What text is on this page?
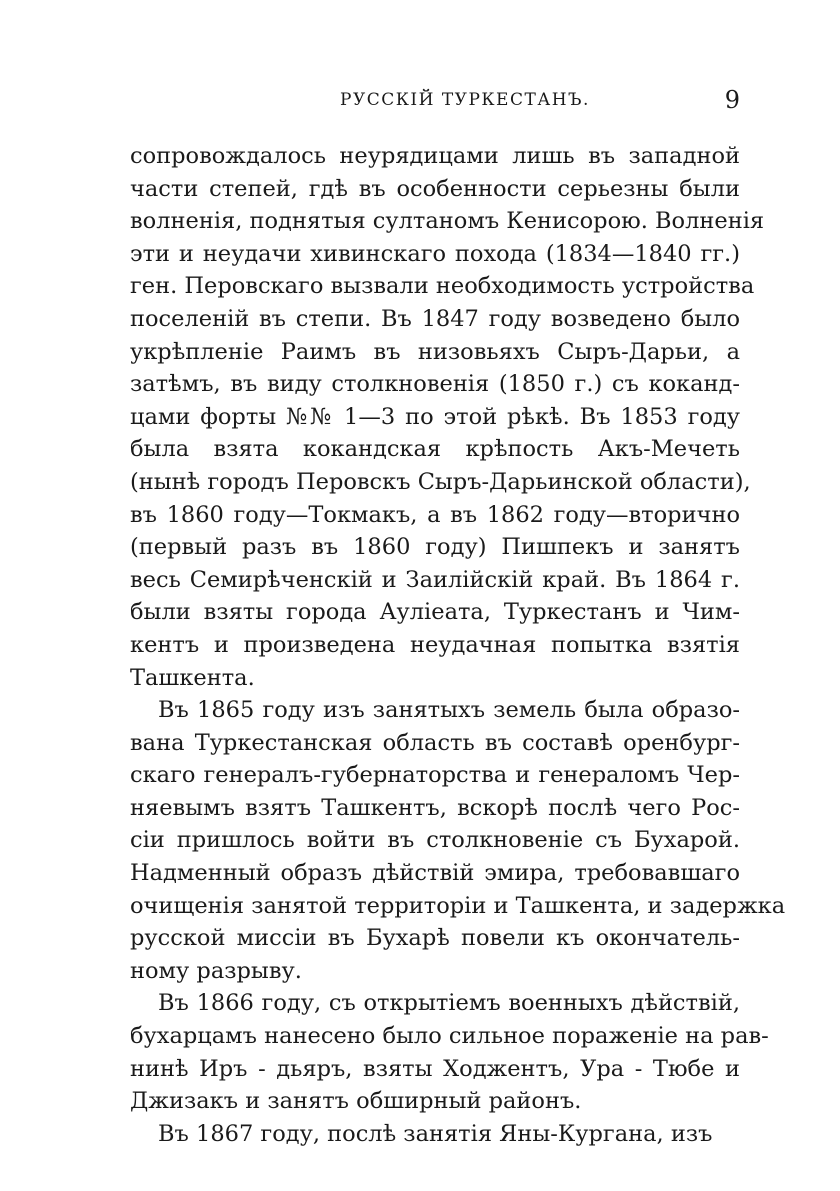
РУССКІЙ ТУРКЕСТАНЪ.	9
сопровождалось неурядицами лишь въ западной
части степей, гдѣ въ особенности серьезны были
волненія, поднятыя султаномъ Кенисорою. Волненія
эти и неудачи хивинскаго похода (1834—1840 гг.)
ген. Перовскаго вызвали необходимость устройства
поселеній въ степи. Въ 1847 году возведено было
укрѣпленіе Раимъ въ низовьяхъ Сыръ-Дарьи, а
затѣмъ, въ виду столкновенія (1850 г.) съ коканд-
цами форты №№ 1—3 по этой рѣкѣ. Въ 1853 году
была взята кокандская крѣпость Акъ-Мечеть
(нынѣ городъ Перовскъ Сыръ-Дарьинской области),
въ 1860 году—Токмакъ, а въ 1862 году—вторично
(первый разъ въ 1860 году) Пишпекъ и занятъ
весь Семирѣченскій и Заилійскій край. Въ 1864 г.
были взяты города Аулieата, Туркестанъ и Чим-
кентъ и произведена неудачная попытка взятія
Ташкента.
Въ 1865 году изъ занятыхъ земель была образо-
вана Туркестанская область въ составѣ оренбург-
скаго генералъ-губернаторства и генераломъ Чер-
няевымъ взятъ Ташкентъ, вскорѣ послѣ чего Рос-
сіи пришлось войти въ столкновеніе съ Бухарой.
Надменный образъ дѣйствій эмира, требовавшаго
очищенія занятой территоріи и Ташкента, и задержка
русской миссіи въ Бухарѣ повели къ окончатель-
ному разрыву.
Въ 1866 году, съ открытіемъ военныхъ дѣйствій,
бухарцамъ нанесено было сильное пораженіе на рав-
нинѣ Иръ - дьяръ, взяты Ходжентъ, Ура - Тюбе и
Джизакъ и занятъ обширный районъ.
Въ 1867 году, послѣ занятія Яны-Кургана, изъ
